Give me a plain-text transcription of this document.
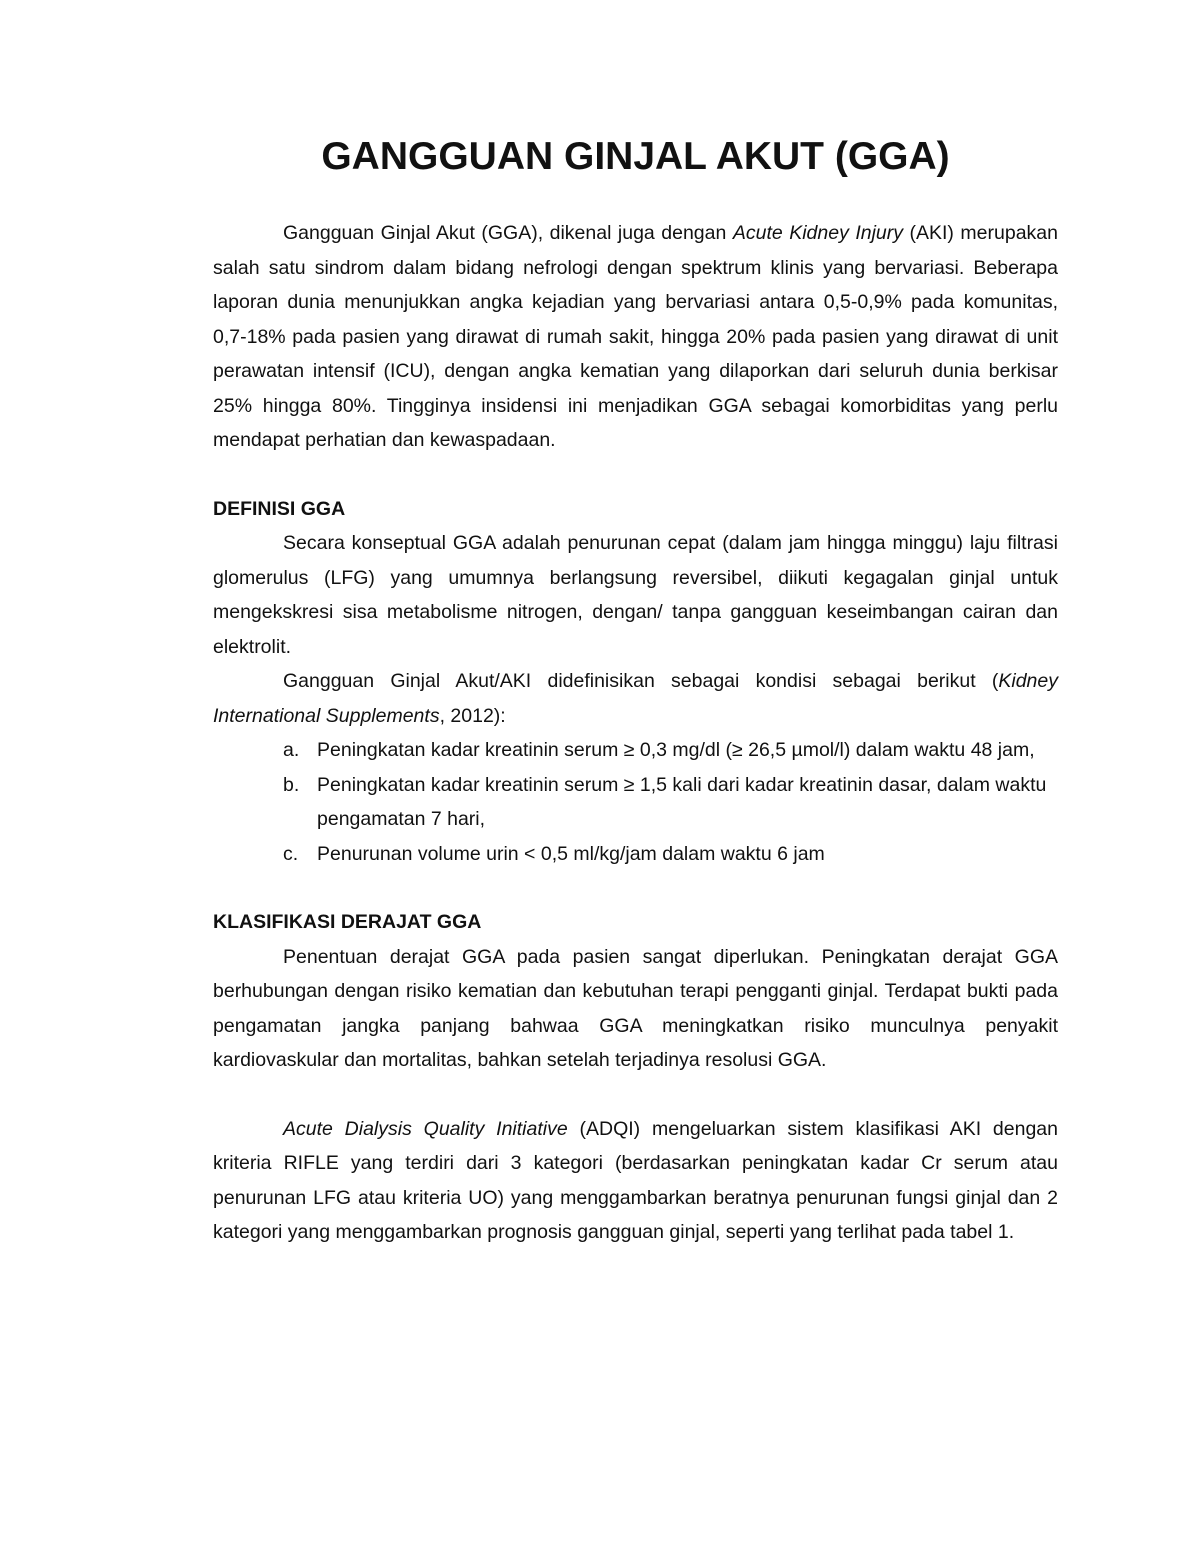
GANGGUAN GINJAL AKUT (GGA)

Gangguan Ginjal Akut (GGA), dikenal juga dengan Acute Kidney Injury (AKI) merupakan salah satu sindrom dalam bidang nefrologi dengan spektrum klinis yang bervariasi. Beberapa laporan dunia menunjukkan angka kejadian yang bervariasi antara 0,5-0,9% pada komunitas, 0,7-18% pada pasien yang dirawat di rumah sakit, hingga 20% pada pasien yang dirawat di unit perawatan intensif (ICU), dengan angka kematian yang dilaporkan dari seluruh dunia berkisar 25% hingga 80%. Tingginya insidensi ini menjadikan GGA sebagai komorbiditas yang perlu mendapat perhatian dan kewaspadaan.

DEFINISI GGA

Secara konseptual GGA adalah penurunan cepat (dalam jam hingga minggu) laju filtrasi glomerulus (LFG) yang umumnya berlangsung reversibel, diikuti kegagalan ginjal untuk mengekskresi sisa metabolisme nitrogen, dengan/ tanpa gangguan keseimbangan cairan dan elektrolit.

Gangguan Ginjal Akut/AKI didefinisikan sebagai kondisi sebagai berikut (Kidney International Supplements, 2012):

a. Peningkatan kadar kreatinin serum ≥ 0,3 mg/dl (≥ 26,5 µmol/l) dalam waktu 48 jam,
b. Peningkatan kadar kreatinin serum ≥ 1,5 kali dari kadar kreatinin dasar, dalam waktu pengamatan 7 hari,
c. Penurunan volume urin < 0,5 ml/kg/jam dalam waktu 6 jam
KLASIFIKASI DERAJAT GGA

Penentuan derajat GGA pada pasien sangat diperlukan. Peningkatan derajat GGA berhubungan dengan risiko kematian dan kebutuhan terapi pengganti ginjal. Terdapat bukti pada pengamatan jangka panjang bahwaa GGA meningkatkan risiko munculnya penyakit kardiovaskular dan mortalitas, bahkan setelah terjadinya resolusi GGA.

Acute Dialysis Quality Initiative (ADQI) mengeluarkan sistem klasifikasi AKI dengan kriteria RIFLE yang terdiri dari 3 kategori (berdasarkan peningkatan kadar Cr serum atau penurunan LFG atau kriteria UO) yang menggambarkan beratnya penurunan fungsi ginjal dan 2 kategori yang menggambarkan prognosis gangguan ginjal, seperti yang terlihat pada tabel 1.
